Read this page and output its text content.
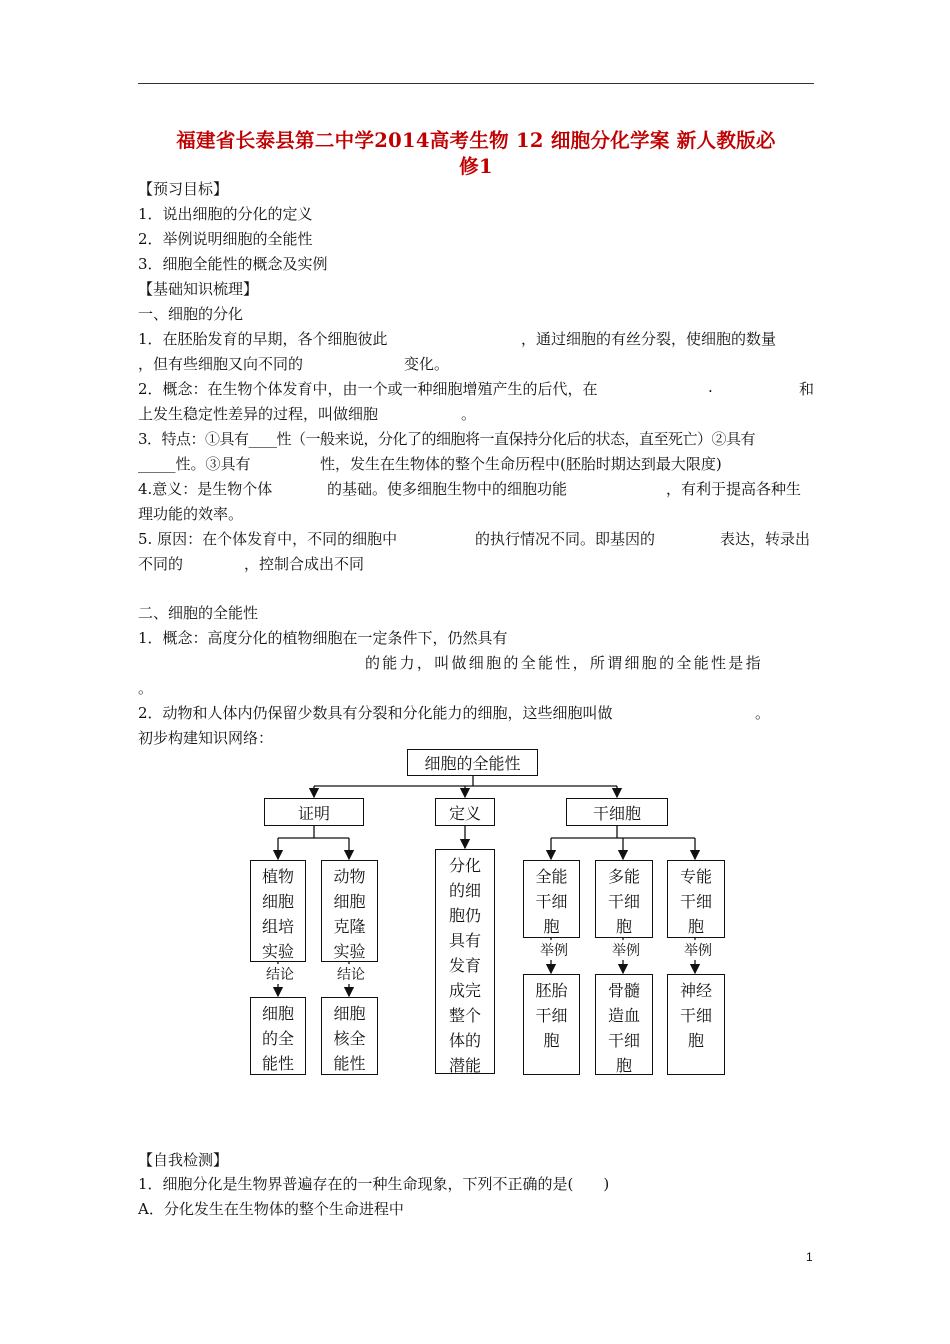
福建省长泰县第二中学2014高考生物 12 细胞分化学案 新人教版必
修1
【预习目标】
1．说出细胞的分化的定义
2．举例说明细胞的全能性
3．细胞全能性的概念及实例
【基础知识梳理】
一、细胞的分化
1．在胚胎发育的早期，各个细胞彼此	，通过细胞的有丝分裂，使细胞的数量
，但有些细胞又向不同的	变化。
2．概念：在生物个体发育中，由一个或一种细胞增殖产生的后代，在	.	和
上发生稳定性差异的过程，叫做细胞	。
3．特点：①具有____性（一般来说，分化了的细胞将一直保持分化后的状态，直至死亡）②具有
_____性。③具有	性，发生在生物体的整个生命历程中(胚胎时期达到最大限度)
4.意义：是生物个体	的基础。使多细胞生物中的细胞功能	，有利于提高各种生
理功能的效率。
5. 原因：在个体发育中，不同的细胞中	的执行情况不同。即基因的	表达，转录出
不同的	，控制合成出不同
二、细胞的全能性
1．概念：高度分化的植物细胞在一定条件下，仍然具有
的能力，叫做细胞的全能性，所谓细胞的全能性是指
。
2．动物和人体内仍保留少数具有分裂和分化能力的细胞，这些细胞叫做	。
初步构建知识网络：
细胞的全能性
证明	定义	干细胞
植物
细胞
组培
实验
动物
细胞
克隆
实验
分化
的细
胞仍
具有
发育
成完
整个
体的
潜能
全能
干细
胞
多能
干细
胞
专能
干细
胞
结论	结论
举例	举例	举例
细胞
的全
能性
细胞
核全
能性
胚胎
干细
胞
骨髓
造血
干细
胞
神经
干细
胞
【自我检测】
1．细胞分化是生物界普遍存在的一种生命现象，下列不正确的是(　　)
A．分化发生在生物体的整个生命进程中
1
